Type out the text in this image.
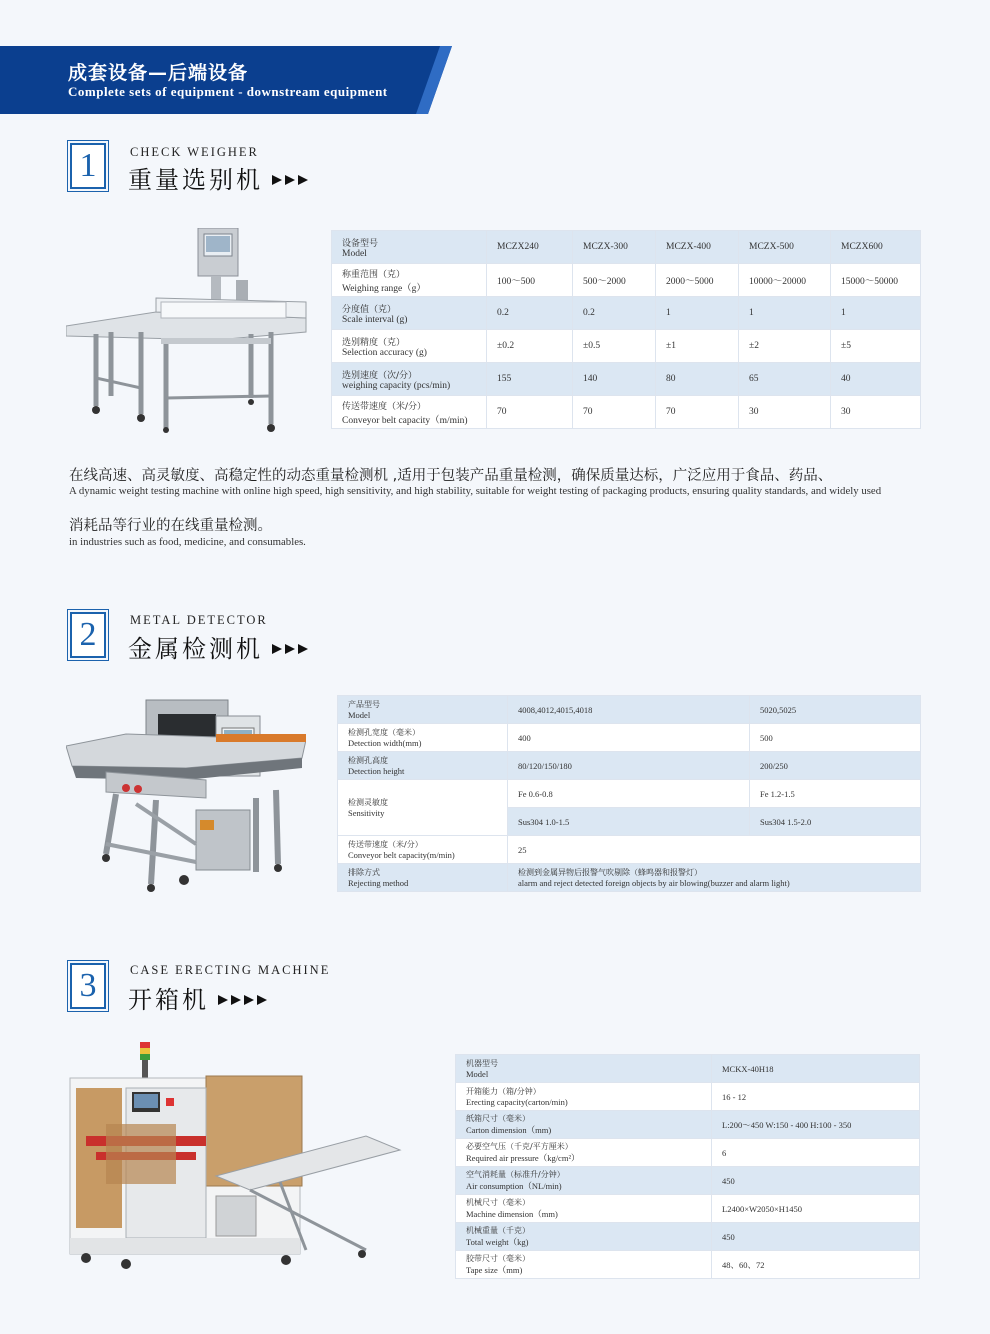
成套设备—后端设备
Complete sets of equipment - downstream equipment
1	CHECK WEIGHER
重量选别机
设备型号
Model	MCZX240	MCZX-300	MCZX-400	MCZX-500	MCZX600

称重范围（克）
Weighing range（g）	100～500	500～2000	2000～5000	10000～20000	15000～50000

分度值（克）
Scale interval (g)	0.2	0.2	1	1	1

选别精度（克）
Selection accuracy (g)	±0.2	±0.5	±1	±2	±5

选别速度（次/分）
weighing capacity (pcs/min)	155	140	80	65	40

传送带速度（米/分）
Conveyor belt capacity（m/min)	70	70	70	30	30

在线高速、高灵敏度、高稳定性的动态重量检测机 ,适用于包装产品重量检测，确保质量达标，广泛应用于食品、药品、

A dynamic weight testing machine with online high speed, high sensitivity, and high stability, suitable for weight testing of packaging products, ensuring quality standards, and widely used

消耗品等行业的在线重量检测。

in industries such as food, medicine, and consumables.

2	METAL DETECTOR
金属检测机
产品型号
Model	4008,4012,4015,4018	5020,5025

检测孔宽度（毫米）
Detection width(mm)	400	500

检测孔高度
Detection height	80/120/150/180	200/250

检测灵敏度
Sensitivity	Fe 0.6-0.8	Fe 1.2-1.5
	Sus304 1.0-1.5	Sus304 1.5-2.0

传送带速度（米/分）
Conveyor belt capacity(m/min)	25	

排除方式
Rejecting method	检测到金属异物后报警气吹剔除（蜂鸣器和报警灯）
alarm and reject detected foreign objects by air blowing(buzzer and alarm light)	
3	CASE ERECTING MACHINE
开箱机
机器型号
Model	MCKX-40H18

开箱能力（箱/分钟）
Erecting capacity(carton/min)	16 - 12

纸箱尺寸（毫米）
Carton dimension（mm)	L:200～450 W:150 - 400 H:100 - 350

必要空气压（千克/平方厘米）
Required air pressure（kg/cm²）	6

空气消耗量（标准升/分钟）
Air consumption（NL/min)	450

机械尺寸（毫米）
Machine dimension（mm)	L2400×W2050×H1450

机械重量（千克）
Total weight（kg)	450

胶带尺寸（毫米）
Tape size（mm)	48、60、72
